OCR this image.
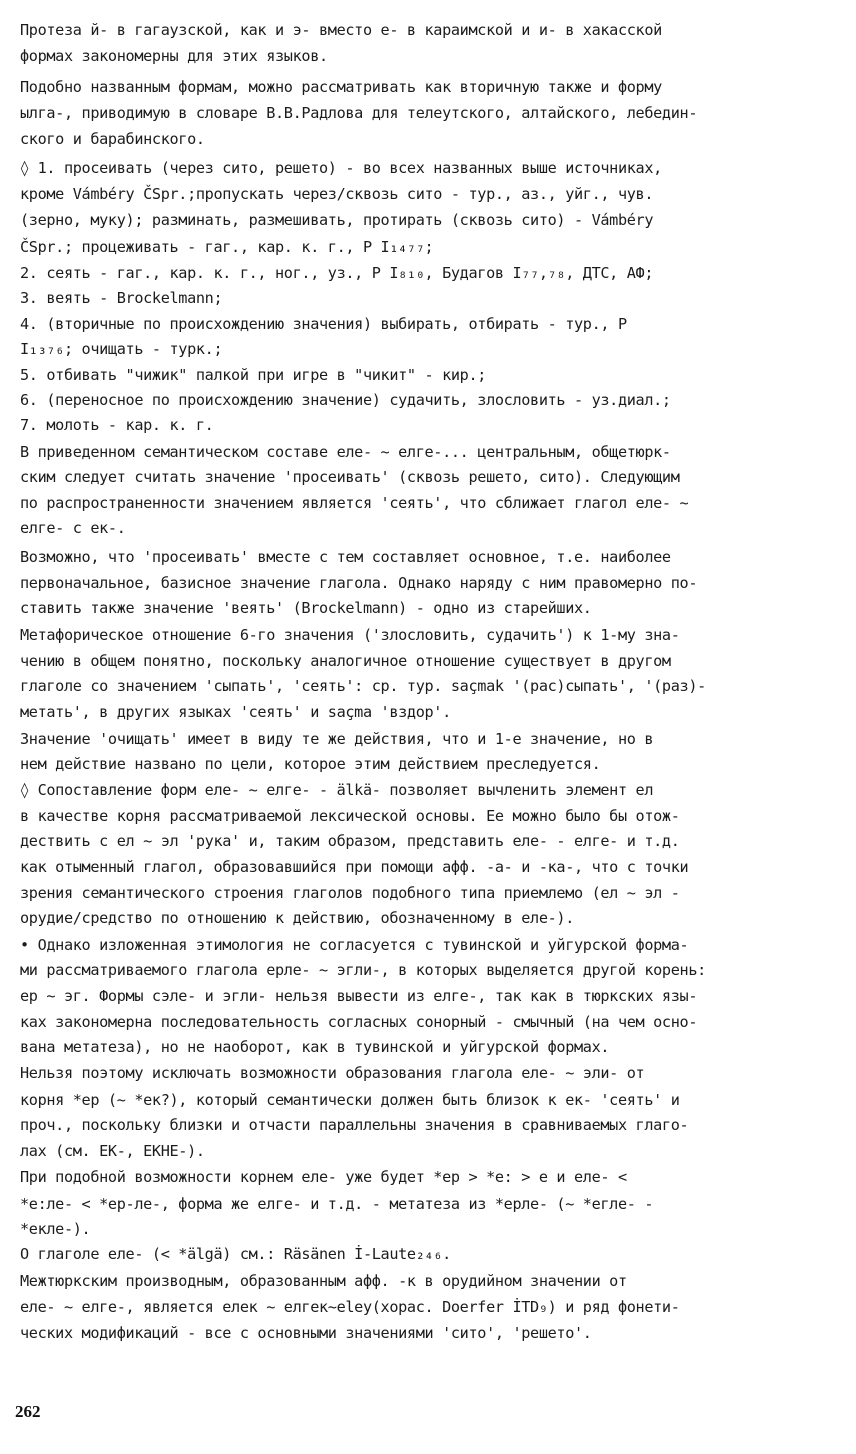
Протеза й- в гагаузской, как и э- вместо е- в караимской и и- в хакасской
формах закономерны для этих языков.
Подобно названным формам, можно рассматривать как вторичную также и форму
ылга-, приводимую в словаре В.В.Радлова для телеутского, алтайского, лебедин-
ского и барабинского.
◊ 1. просеивать (через сито, решето) - во всех названных выше источниках,
кроме Vámbéry ČSpr.;пропускать через/сквозь сито - тур., аз., уйг., чув.
(зерно, муку); разминать, размешивать, протирать (сквозь сито) - Vámbéry
ČSpr.; процеживать - гаг., кар. к. г., Р I₁₄₇₇;
2. сеять - гаг., кар. к. г., ног., уз., Р I₈₁₀, Будагов I₇₇,₇₈, ДТС, АФ;
3. веять - Brockelmann;
4. (вторичные по происхождению значения) выбирать, отбирать - тур., Р
I₁₃₇₆; очищать - турк.;
5. отбивать "чижик" палкой при игре в "чикит" - кир.;
6. (переносное по происхождению значение) судачить, злословить - уз.диал.;
7. молоть - кар. к. г.
В приведенном семантическом составе еле- ~ елге-... центральным, общетюрк-
ским следует считать значение 'просеивать' (сквозь решето, сито). Следующим
по распространенности значением является 'сеять', что сближает глагол еле- ~
елге- с ек-.
Возможно, что 'просеивать' вместе с тем составляет основное, т.е. наиболее
первоначальное, базисное значение глагола. Однако наряду с ним правомерно по-
ставить также значение 'веять' (Brockelmann) - одно из старейших.
Метафорическое отношение 6-го значения ('злословить, судачить') к 1-му зна-
чению в общем понятно, поскольку аналогичное отношение существует в другом
глаголе со значением 'сыпать', 'сеять': ср. тур. saçmak '(рас)сыпать', '(раз)-
метать', в других языках 'сеять' и saçma 'вздор'.
Значение 'очищать' имеет в виду те же действия, что и 1-е значение, но в
нем действие названо по цели, которое этим действием преследуется.
◊ Сопоставление форм еле- ~ елге- - älkä- позволяет вычленить элемент ел
в качестве корня рассматриваемой лексической основы. Ее можно было бы отож-
дествить с ел ~ эл 'рука' и, таким образом, представить еле- - елге- и т.д.
как отыменный глагол, образовавшийся при помощи афф. -а- и -ка-, что с точки
зрения семантического строения глаголов подобного типа приемлемо (ел ~ эл -
орудие/средство по отношению к действию, обозначенному в еле-).
• Однако изложенная этимология не согласуется с тувинской и уйгурской форма-
ми рассматриваемого глагола ерле- ~ эгли-, в которых выделяется другой корень:
ер ~ эг. Формы сэле- и эгли- нельзя вывести из елге-, так как в тюркских язы-
ках закономерна последовательность согласных сонорный - смычный (на чем осно-
вана метатеза), но не наоборот, как в тувинской и уйгурской формах.
Нельзя поэтому исключать возможности образования глагола еле- ~ эли- от
корня *ер (~ *ек?), который семантически должен быть близок к ек- 'сеять' и
проч., поскольку близки и отчасти параллельны значения в сравниваемых глаго-
лах (см. ЕК-, ЕКНЕ-).
При подобной возможности корнем еле- уже будет *ер > *е: > е и еле- <
*е:ле- < *ер-ле-, форма же елге- и т.д. - метатеза из *ерле- (~ *егле- -
*екле-).
О глаголе еле- (< *älgä) см.: Räsänen İ-Laute₂₄₆.
Межтюркским производным, образованным афф. -к в орудийном значении от
еле- ~ елге-, является елек ~ елгек~eley(хорас. Doerfer İTD₉) и ряд фонети-
ческих модификаций - все с основными значениями 'сито', 'решето'.
262
